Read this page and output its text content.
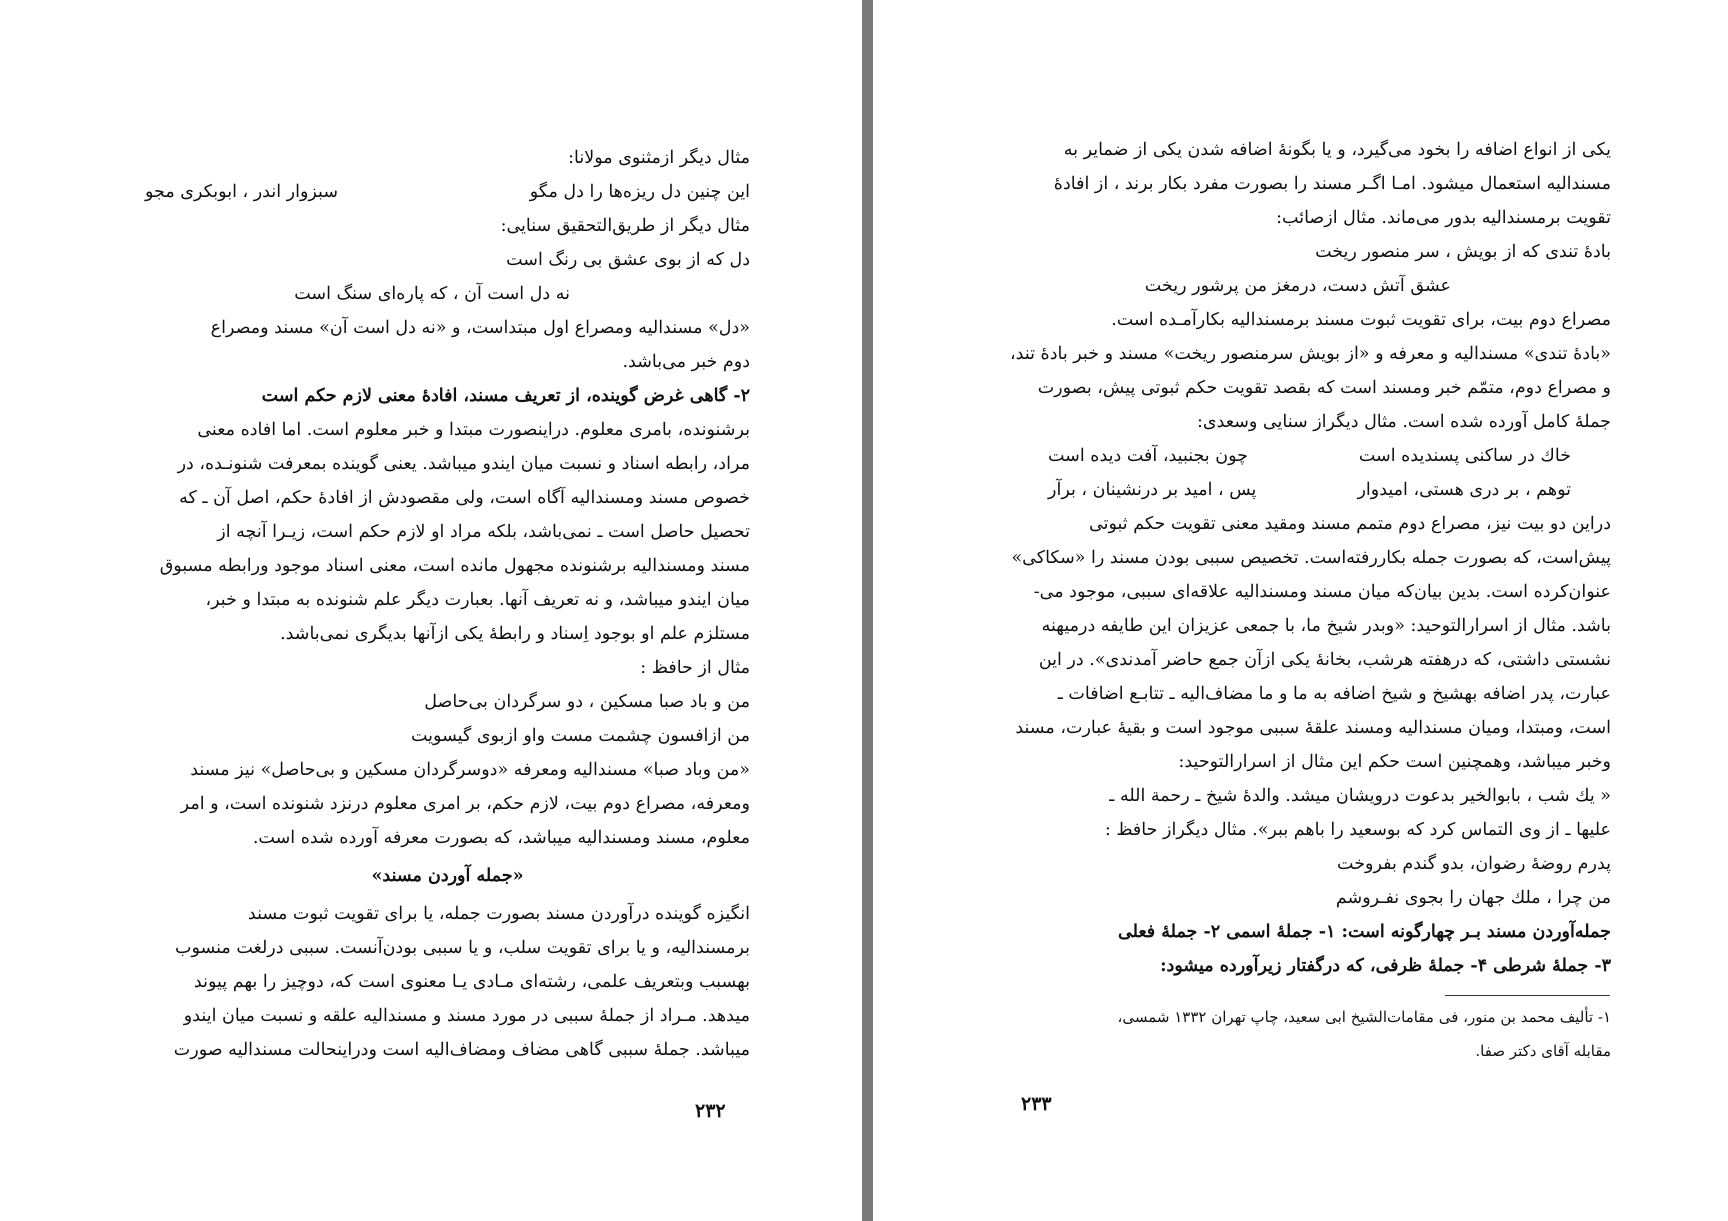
مثال دیگر ازمثنوی مولانا:
این چنین دل ریزه‌ها را دل مگو
سبزوار اندر ، ابوبکری مجو
مثال دیگر از طریق‌التحقیق سنایی:
دل که از بوی عشق بی رنگ است
نه دل است آن ، که پاره‌ای سنگ است
«دل» مسندالیه ومصراع اول مبتداست، و «نه دل است آن» مسند ومصراع
دوم خبر می‌باشد.
۲- گاهی غرض گوینده، از تعریف مسند، افادهٔ معنی لازم حکم است
برشنونده، بامری معلوم. دراینصورت مبتدا و خبر معلوم است. اما افاده معنی
مراد، رابطه اسناد و نسبت میان ایندو میباشد. یعنی گوینده بمعرفت شنونـده، در
خصوص مسند ومسندالیه آگاه است، ولی مقصودش از افادهٔ حکم، اصل آن ـ که
تحصیل حاصل است ـ نمی‌باشد، بلکه مراد او لازم حکم است، زیـرا آنچه از
مسند ومسندالیه برشنونده مجهول مانده است، معنی اسناد موجود ورابطه مسبوق
میان ایندو میباشد، و نه تعریف آنها. بعبارت دیگر علم شنونده به مبتدا و خبر،
مستلزم علم او بوجود اِسناد و رابطهٔ یکی ازآنها بدیگری نمی‌باشد.
مثال از حافظ :
من و باد صبا مسکین ، دو سرگردان بی‌حاصل
من ازافسون چشمت مست واو ازبوی گیسویت
«من وباد صبا» مسندالیه ومعرفه «دوسرگردان مسکین و بی‌حاصل» نیز مسند
ومعرفه، مصراع دوم بیت، لازم حکم، بر امری معلوم درنزد شنونده است، و امر
معلوم، مسند ومسندالیه میباشد، که بصورت معرفه آورده شده است.
«جمله آوردن مسند»
انگیزه گوینده درآوردن مسند بصورت جمله، یا برای تقویت ثبوت مسند
برمسندالیه، و یا برای تقویت سلب، و یا سببی بودن‌آنست. سببی درلغت منسوب
بهسبب وبتعریف علمی، رشته‌ای مـادی یـا معنوی است که، دوچیز را بهم پیوند
میدهد. مـراد از جملهٔ سببی در مورد مسند و مسندالیه علقه و نسبت میان ایندو
میباشد. جملهٔ سببی گاهی مضاف ومضاف‌الیه است ودراینحالت مسندالیه صورت
۲۳۲
یکی از انواع اضافه را بخود می‌گیرد، و یا بگونهٔ اضافه شدن یکی از ضمایر به
مسندالیه استعمال میشود. امـا اگـر مسند را بصورت مفرد بکار برند ، از افادهٔ
تقویت برمسندالیه بدور می‌ماند. مثال ازصائب:
بادهٔ تندی که از بویش ، سر منصور ریخت
عشق آتش دست، درمغز من پرشور ریخت
مصراع دوم بیت، برای تقویت ثبوت مسند برمسندالیه بکارآمـده است.
«بادهٔ تندی» مسندالیه و معرفه و «از بویش سرمنصور ریخت» مسند و خبر بادهٔ تند،
و مصراع دوم، متمّم خبر ومسند است که بقصد تقویت حکم ثبوتی پیش، بصورت
جملهٔ کامل آورده شده است. مثال دیگراز سنایی وسعدی:
خاك در ساکنی پسندیده است
چون بجنبید، آفت دیده است
توهم ، بر دری هستی، امیدوار
پس ، امید بر درنشینان ، برآر
دراین دو بیت نیز، مصراع دوم متمم مسند ومقید معنی تقویت حکم ثبوتی
پیش‌است، که بصورت جمله بکاررفته‌است. تخصیص سببی بودن مسند را «سکاکی»
عنوان‌کرده است. بدین بیان‌که میان مسند ومسندالیه علاقه‌ای سببی، موجود می-
باشد. مثال از اسرارالتوحید: «وبدر شیخ ما، با جمعی عزیزان این طایفه درمیهنه
نشستی داشتی، که درهفته هرشب، بخانهٔ یکی ازآن جمع حاضر آمدندی». در این
عبارت، پدر اضافه بهشیخ و شیخ اضافه به ما و ما مضاف‌الیه ـ تتابـع اضافات ـ
است، ومبتدا، ومیان مسندالیه ومسند علقهٔ سببی موجود است و بقیهٔ عبارت، مسند
وخبر میباشد، وهمچنین است حکم این مثال از اسرارالتوحید:
« یك شب ، بابوالخیر بدعوت درویشان میشد. والدهٔ شیخ ـ رحمة الله ـ
علیها ـ از وی التماس کرد که بوسعید را باهم ببر». مثال دیگراز حافظ :
پدرم روضهٔ رضوان، بدو گندم بفروخت
من چرا ، ملك جهان را بجوی نفـروشم
جمله‌آوردن مسند بـر چهارگونه است: ۱- جملهٔ اسمی ۲- جملهٔ فعلی
۳- جملهٔ شرطی ۴- جملهٔ ظرفی، که درگفتار زیرآورده میشود:
۱- تألیف محمد بن منور، فی مقامات‌الشیخ ابی سعید، چاپ تهران ۱۳۳۲ شمسی،
مقابله آقای دکتر صفا.
۲۳۳
